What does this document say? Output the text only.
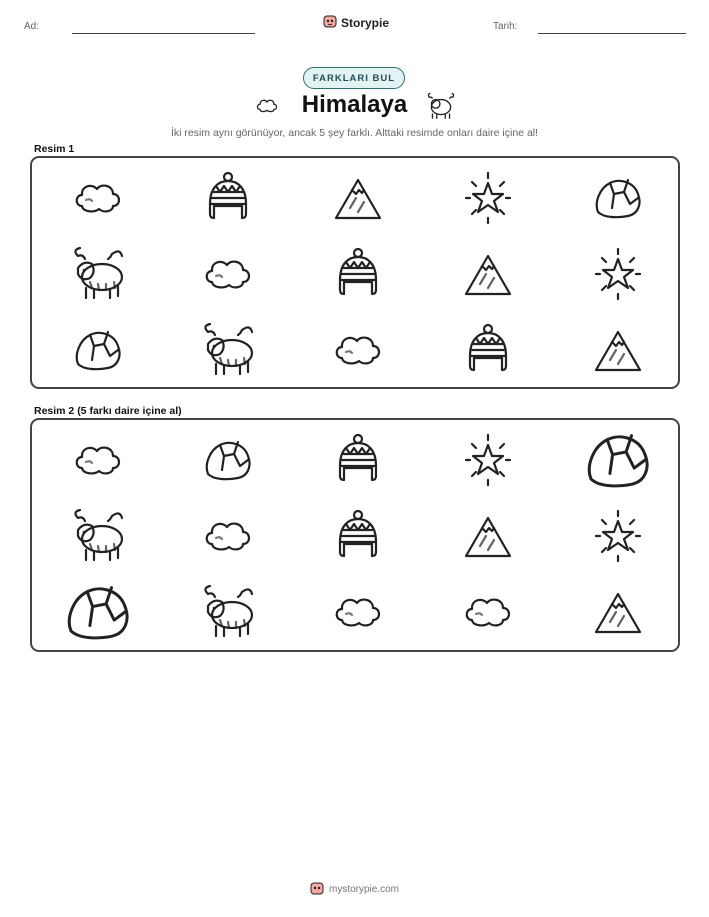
Ad:	Storypie	Tarih:
FARKLARI BUL
Himalaya
İki resim aynı görünüyor, ancak 5 şey farklı. Alttaki resimde onları daire içine al!
Resim 1
Resim 2 (5 farkı daire içine al)
mystorypie.com
